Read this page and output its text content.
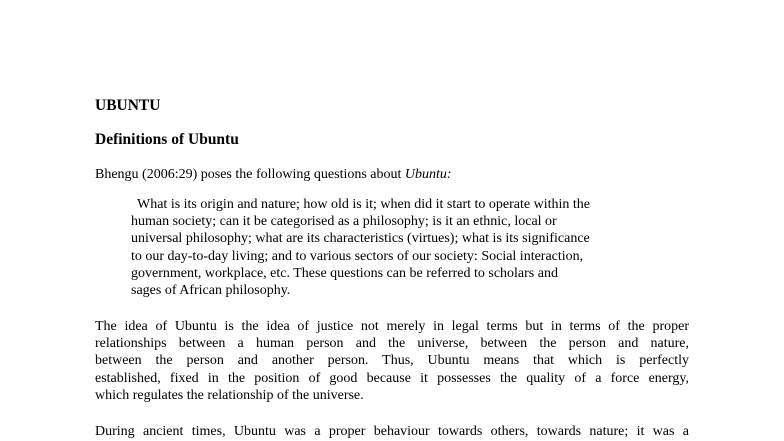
UBUNTU
Definitions of Ubuntu

Bhengu (2006:29) poses the following questions about Ubuntu:

What is its origin and nature; how old is it; when did it start to operate within the
human society; can it be categorised as a philosophy; is it an ethnic, local or
universal philosophy; what are its characteristics (virtues); what is its significance
to our day-to-day living; and to various sectors of our society: Social interaction,
government, workplace, etc. These questions can be referred to scholars and
sages of African philosophy.
The idea of Ubuntu is the idea of justice not merely in legal terms but in terms of the proper
relationships between a human person and the universe, between the person and nature,
between the person and another person. Thus, Ubuntu means that which is perfectly
established, fixed in the position of good because it possesses the quality of a force energy,
which regulates the relationship of the universe.
During ancient times, Ubuntu was a proper behaviour towards others, towards nature; it was a
